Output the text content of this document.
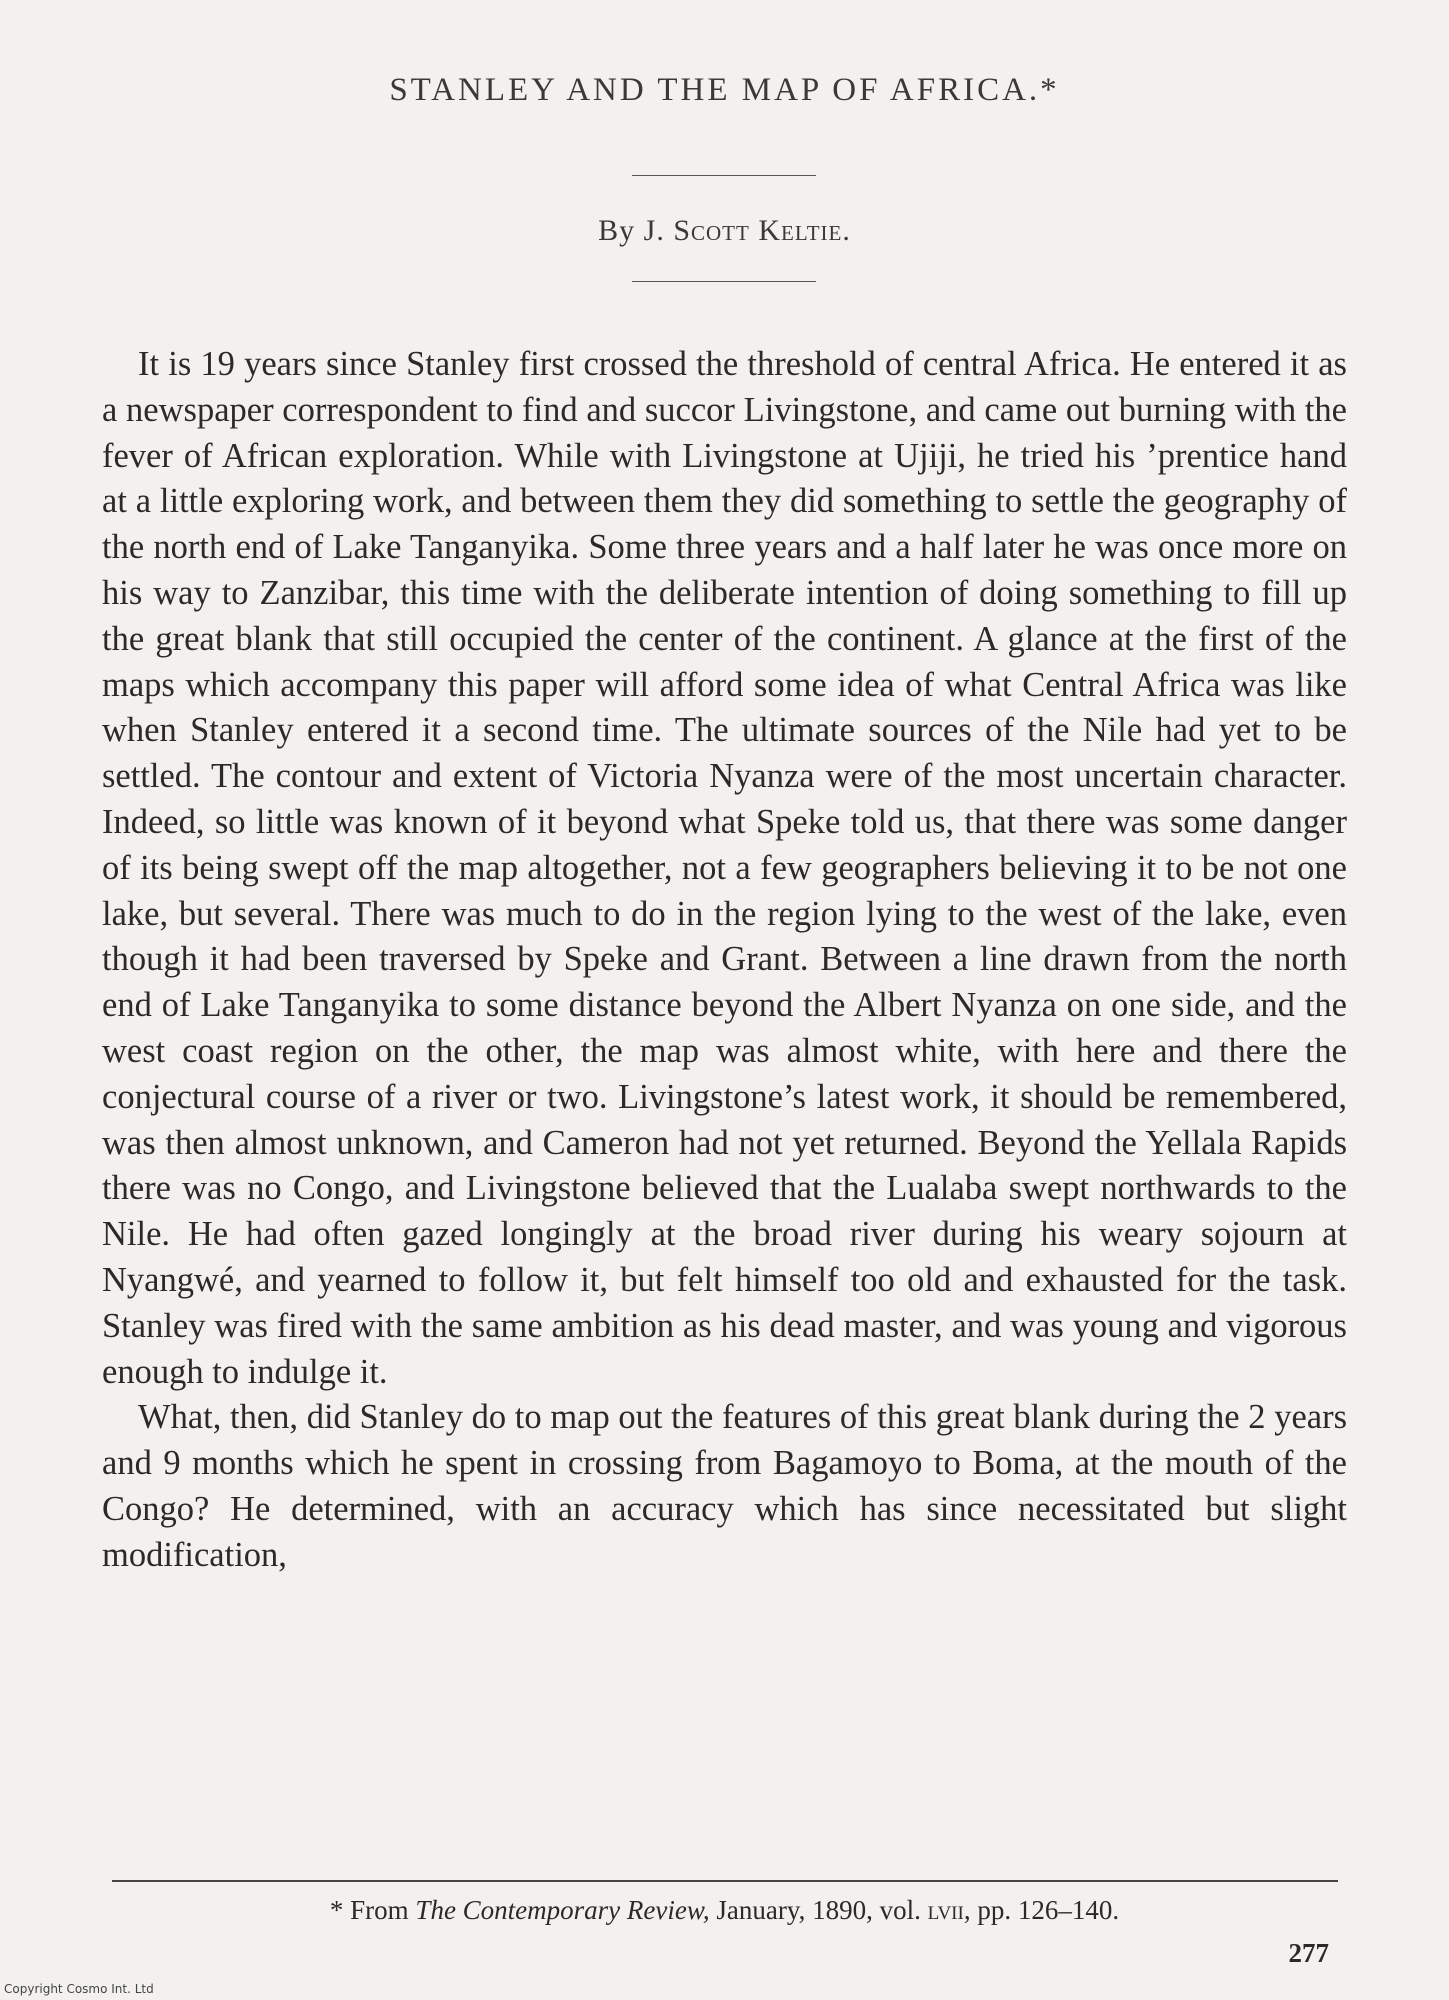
STANLEY AND THE MAP OF AFRICA.*
By J. Scott Keltie.

It is 19 years since Stanley first crossed the threshold of central Africa. He entered it as a newspaper correspondent to find and succor Livingstone, and came out burning with the fever of African exploration. While with Livingstone at Ujiji, he tried his ’prentice hand at a little exploring work, and between them they did something to settle the geography of the north end of Lake Tanganyika. Some three years and a half later he was once more on his way to Zanzibar, this time with the deliberate intention of doing something to fill up the great blank that still occupied the center of the continent. A glance at the first of the maps which accompany this paper will afford some idea of what Central Africa was like when Stanley entered it a second time. The ultimate sources of the Nile had yet to be settled. The contour and extent of Victoria Nyanza were of the most uncertain character. Indeed, so little was known of it beyond what Speke told us, that there was some danger of its being swept off the map altogether, not a few geographers believing it to be not one lake, but several. There was much to do in the region lying to the west of the lake, even though it had been traversed by Speke and Grant. Between a line drawn from the north end of Lake Tanganyika to some distance beyond the Albert Nyanza on one side, and the west coast region on the other, the map was almost white, with here and there the conjectural course of a river or two. Livingstone’s latest work, it should be remembered, was then almost unknown, and Cameron had not yet returned. Beyond the Yellala Rapids there was no Congo, and Livingstone believed that the Lualaba swept northwards to the Nile. He had often gazed longingly at the broad river during his weary sojourn at Nyangwé, and yearned to follow it, but felt himself too old and exhausted for the task. Stanley was fired with the same ambition as his dead master, and was young and vigorous enough to indulge it.

What, then, did Stanley do to map out the features of this great blank during the 2 years and 9 months which he spent in crossing from Bagamoyo to Boma, at the mouth of the Congo? He determined, with an accuracy which has since necessitated but slight modification,

* From The Contemporary Review, January, 1890, vol. lvii, pp. 126–140.
277
Copyright Cosmo Int. Ltd
